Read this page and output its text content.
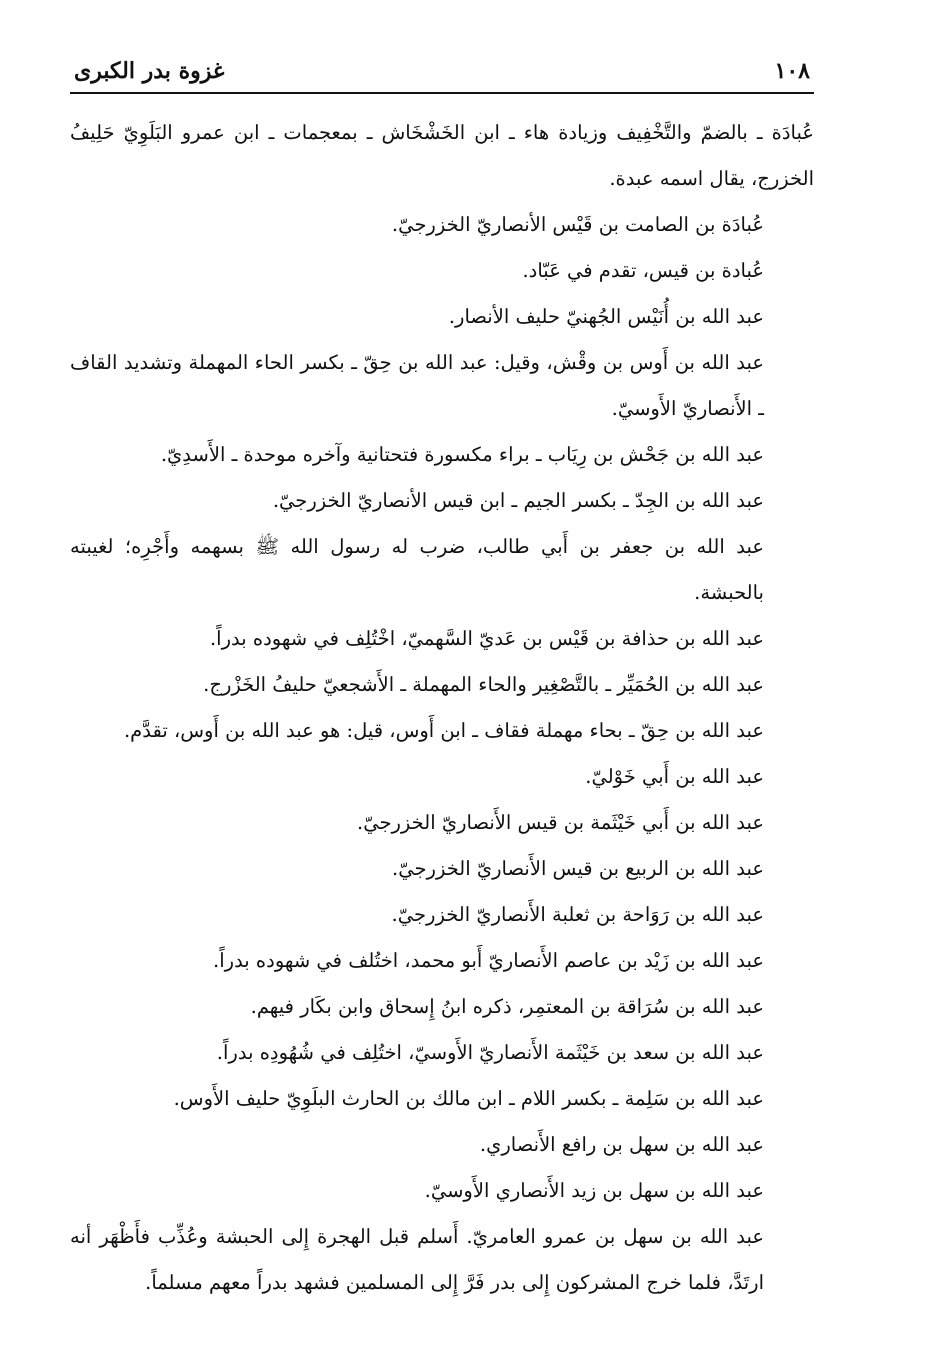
١٠٨
غزوة بدر الكبرى

عُبادَة ـ بالضمّ والتَّخْفِيف وزيادة هاء ـ ابن الخَشْخَاش ـ بمعجمات ـ ابن عمرو البَلَوِيّ حَلِيفُ الخزرج، يقال اسمه عبدة.

عُبادَة بن الصامت بن قَيْس الأنصاريّ الخزرجيّ.

عُبادة بن قيس، تقدم في عَبّاد.

عبد الله بن أُنَيْس الجُهنيّ حليف الأنصار.

عبد الله بن أَوس بن وقْش، وقيل: عبد الله بن حِقّ ـ بكسر الحاء المهملة وتشديد القاف ـ الأَنصاريّ الأَوسيّ.

عبد الله بن جَحْش بن رِيَاب ـ براء مكسورة فتحتانية وآخره موحدة ـ الأَسدِيّ.

عبد الله بن الجِدّ ـ بكسر الجيم ـ ابن قيس الأنصاريّ الخزرجيّ.

عبد الله بن جعفر بن أَبي طالب، ضرب له رسول الله ﷺ بسهمه وأَجْرِه؛ لغيبته بالحبشة.

عبد الله بن حذافة بن قَيْس بن عَديّ السَّهميّ، اخْتُلِف في شهوده بدراً.

عبد الله بن الحُمَيِّر ـ بالتَّصْغِير والحاء المهملة ـ الأَشجعيّ حليفُ الخَزْرج.

عبد الله بن حِقّ ـ بحاء مهملة فقاف ـ ابن أَوس، قيل: هو عبد الله بن أَوس، تقدَّم.

عبد الله بن أَبي خَوْليّ.

عبد الله بن أَبي خَيْثَمة بن قيس الأَنصاريّ الخزرجيّ.

عبد الله بن الربيع بن قيس الأَنصاريّ الخزرجيّ.

عبد الله بن رَوَاحة بن ثعلبة الأَنصاريّ الخزرجيّ.

عبد الله بن زَيْد بن عاصم الأَنصاريّ أَبو محمد، اختُلف في شهوده بدراً.

عبد الله بن سُرَاقة بن المعتمِر، ذكره ابنُ إِسحاق وابن بكَار فيهم.

عبد الله بن سعد بن خَيْثَمة الأَنصاريّ الأَوسيّ، اختُلِف في شُهُودِه بدراً.

عبد الله بن سَلِمة ـ بكسر اللام ـ ابن مالك بن الحارث البلَوِيّ حليف الأَوس.

عبد الله بن سهل بن رافع الأَنصاري.

عبد الله بن سهل بن زيد الأَنصاري الأَوسيّ.

عبد الله بن سهل بن عمرو العامريّ. أَسلم قبل الهجرة إِلى الحبشة وعُذِّب فأَظْهَر أنه ارتَدَّ، فلما خرج المشركون إِلى بدر فَرَّ إِلى المسلمين فشهد بدراً معهم مسلماً.
